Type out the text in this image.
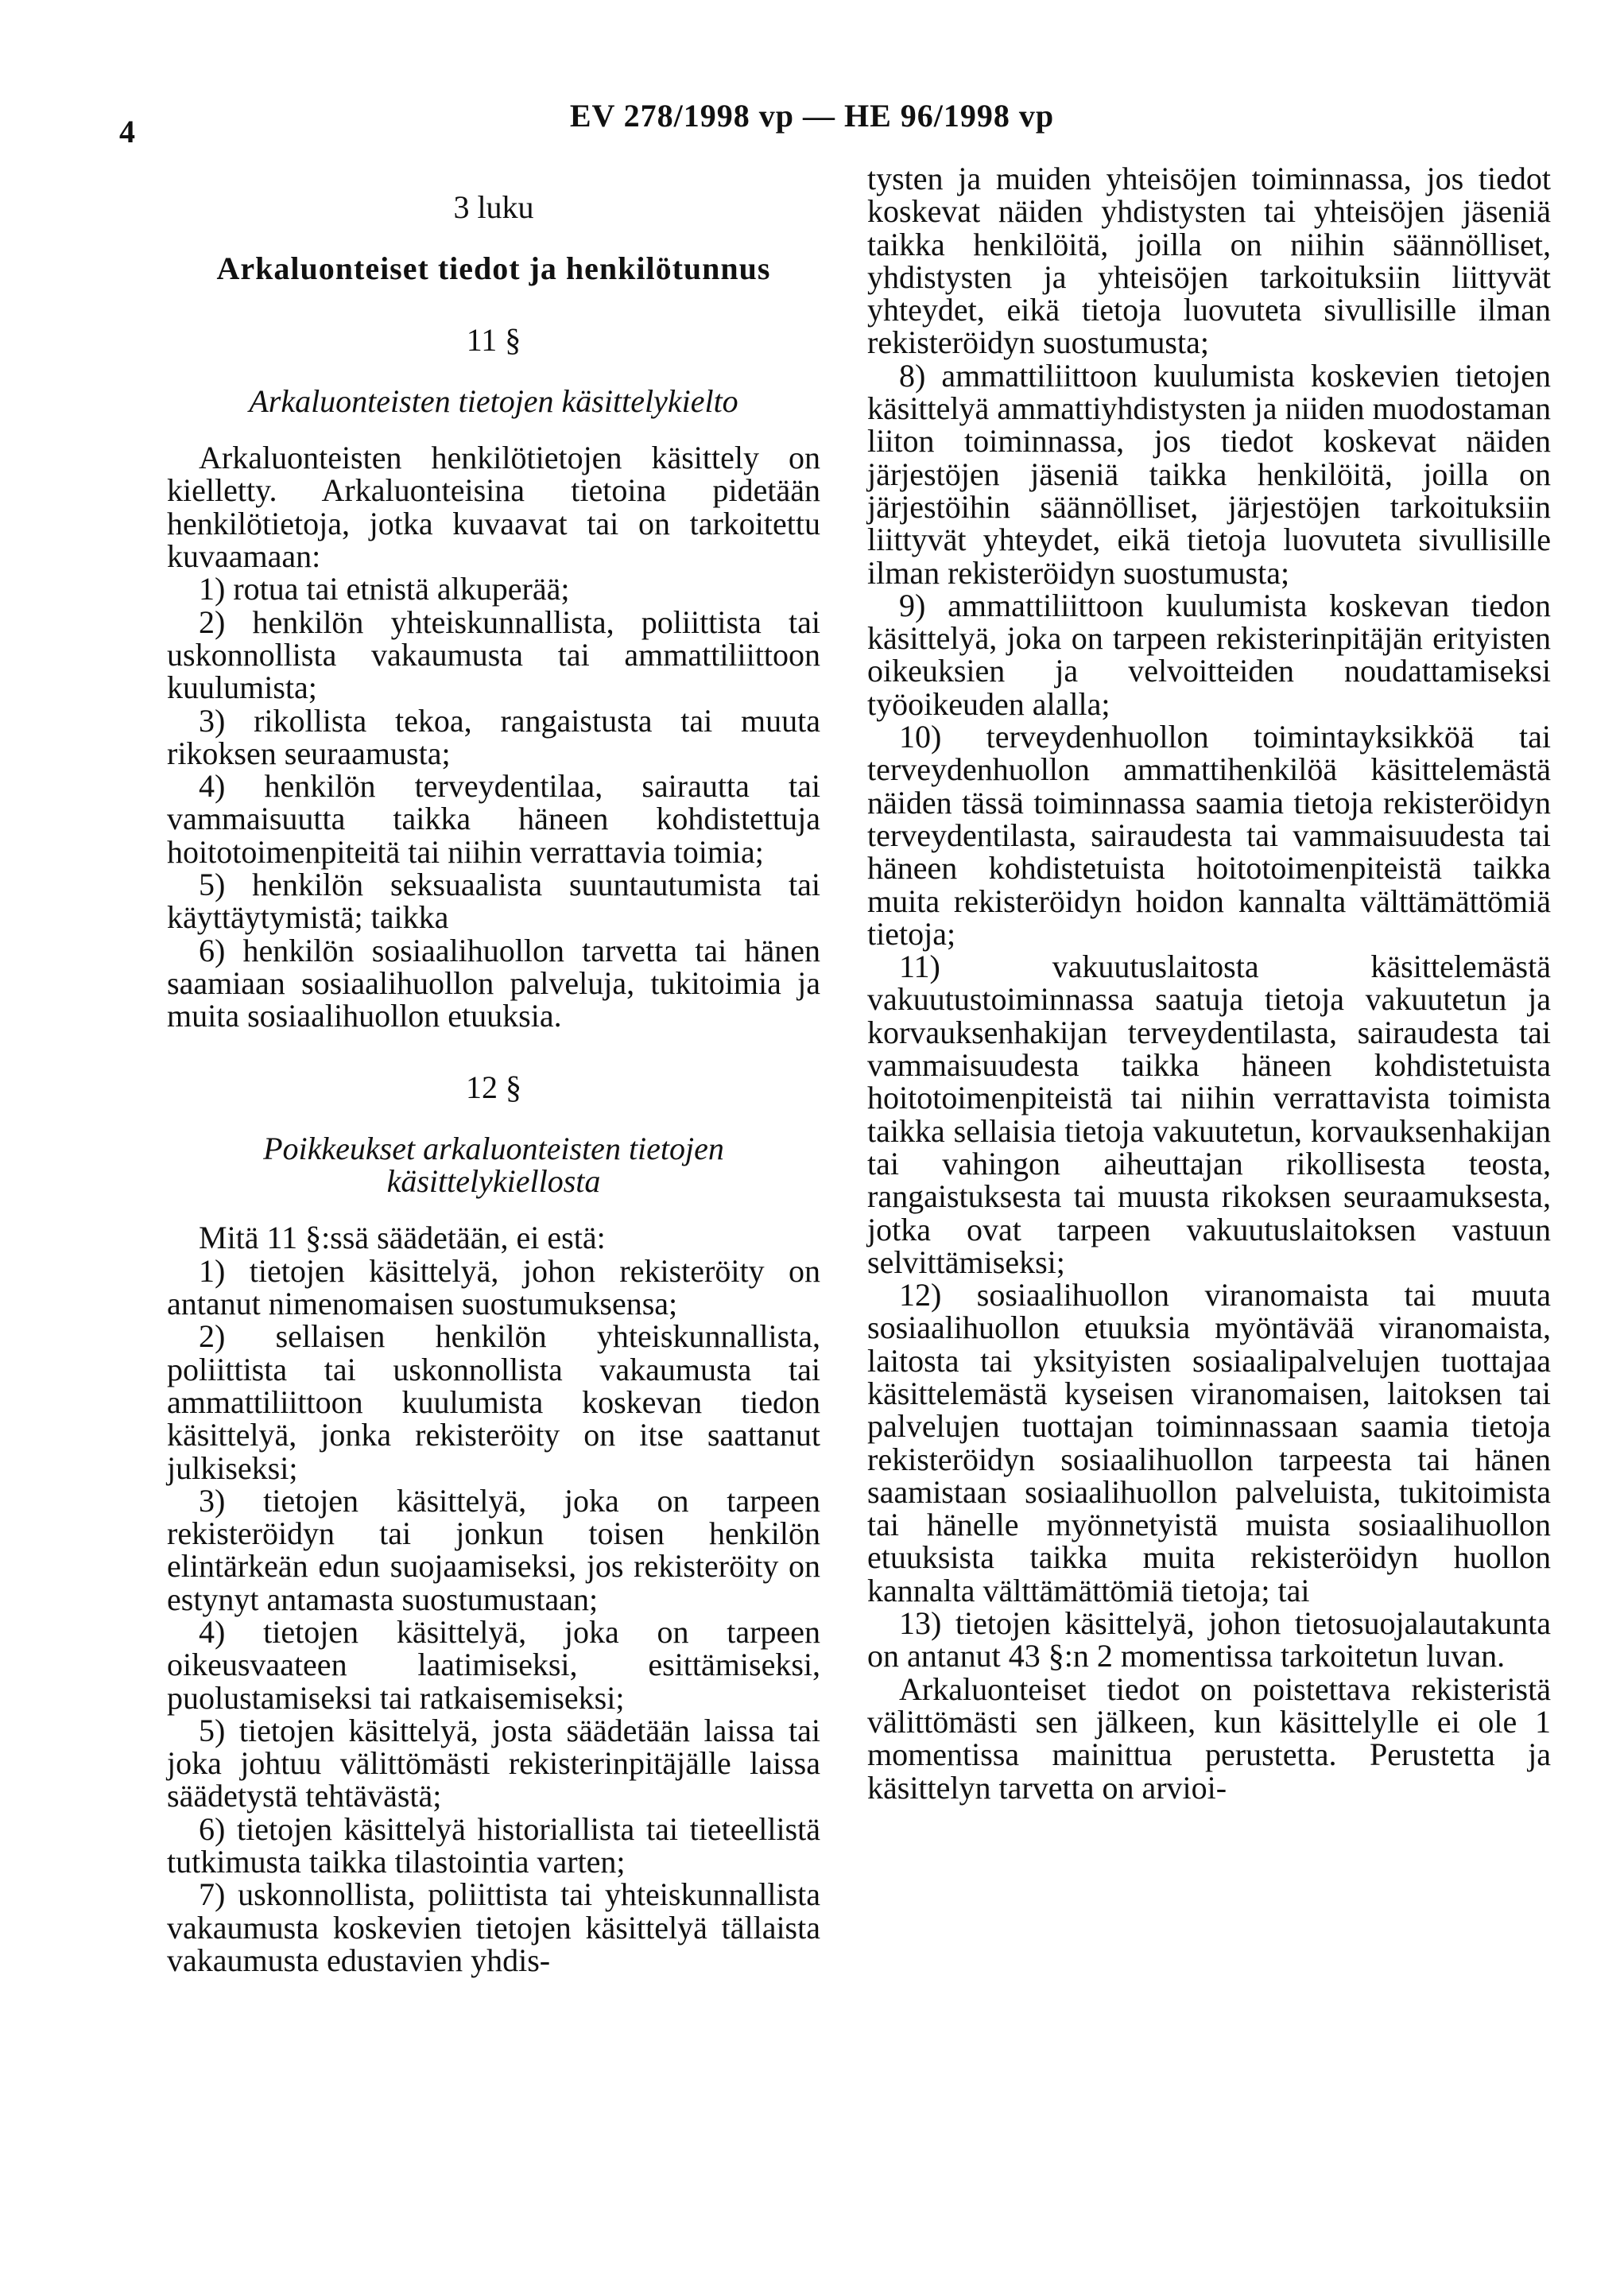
4	EV 278/1998 vp — HE 96/1998 vp
3 luku
Arkaluonteiset tiedot ja henkilötunnus
11 §
Arkaluonteisten tietojen käsittelykielto

Arkaluonteisten henkilötietojen käsittely on kielletty. Arkaluonteisina tietoina pidetään henkilötietoja, jotka kuvaavat tai on tarkoitettu kuvaamaan:

1) rotua tai etnistä alkuperää;

2) henkilön yhteiskunnallista, poliittista tai uskonnollista vakaumusta tai ammattiliittoon kuulumista;

3) rikollista tekoa, rangaistusta tai muuta rikoksen seuraamusta;

4) henkilön terveydentilaa, sairautta tai vammaisuutta taikka häneen kohdistettuja hoitotoimenpiteitä tai niihin verrattavia toimia;

5) henkilön seksuaalista suuntautumista tai käyttäytymistä; taikka

6) henkilön sosiaalihuollon tarvetta tai hänen saamiaan sosiaalihuollon palveluja, tukitoimia ja muita sosiaalihuollon etuuksia.

12 §
Poikkeukset arkaluonteisten tietojen
käsittelykiellosta

Mitä 11 §:ssä säädetään, ei estä:

1) tietojen käsittelyä, johon rekisteröity on antanut nimenomaisen suostumuksensa;

2) sellaisen henkilön yhteiskunnallista, poliittista tai uskonnollista vakaumusta tai ammattiliittoon kuulumista koskevan tiedon käsittelyä, jonka rekisteröity on itse saattanut julkiseksi;

3) tietojen käsittelyä, joka on tarpeen rekisteröidyn tai jonkun toisen henkilön elintärkeän edun suojaamiseksi, jos rekisteröity on estynyt antamasta suostumustaan;

4) tietojen käsittelyä, joka on tarpeen oikeusvaateen laatimiseksi, esittämiseksi, puolustamiseksi tai ratkaisemiseksi;

5) tietojen käsittelyä, josta säädetään laissa tai joka johtuu välittömästi rekisterinpitäjälle laissa säädetystä tehtävästä;

6) tietojen käsittelyä historiallista tai tieteellistä tutkimusta taikka tilastointia varten;

7) uskonnollista, poliittista tai yhteiskunnallista vakaumusta koskevien tietojen käsittelyä tällaista vakaumusta edustavien yhdis-

tysten ja muiden yhteisöjen toiminnassa, jos tiedot koskevat näiden yhdistysten tai yhteisöjen jäseniä taikka henkilöitä, joilla on niihin säännölliset, yhdistysten ja yhteisöjen tarkoituksiin liittyvät yhteydet, eikä tietoja luovuteta sivullisille ilman rekisteröidyn suostumusta;

8) ammattiliittoon kuulumista koskevien tietojen käsittelyä ammattiyhdistysten ja niiden muodostaman liiton toiminnassa, jos tiedot koskevat näiden järjestöjen jäseniä taikka henkilöitä, joilla on järjestöihin säännölliset, järjestöjen tarkoituksiin liittyvät yhteydet, eikä tietoja luovuteta sivullisille ilman rekisteröidyn suostumusta;

9) ammattiliittoon kuulumista koskevan tiedon käsittelyä, joka on tarpeen rekisterinpitäjän erityisten oikeuksien ja velvoitteiden noudattamiseksi työoikeuden alalla;

10) terveydenhuollon toimintayksikköä tai terveydenhuollon ammattihenkilöä käsittelemästä näiden tässä toiminnassa saamia tietoja rekisteröidyn terveydentilasta, sairaudesta tai vammaisuudesta tai häneen kohdistetuista hoitotoimenpiteistä taikka muita rekisteröidyn hoidon kannalta välttämättömiä tietoja;

11) vakuutuslaitosta käsittelemästä vakuutustoiminnassa saatuja tietoja vakuutetun ja korvauksenhakijan terveydentilasta, sairaudesta tai vammaisuudesta taikka häneen kohdistetuista hoitotoimenpiteistä tai niihin verrattavista toimista taikka sellaisia tietoja vakuutetun, korvauksenhakijan tai vahingon aiheuttajan rikollisesta teosta, rangaistuksesta tai muusta rikoksen seuraamuksesta, jotka ovat tarpeen vakuutuslaitoksen vastuun selvittämiseksi;

12) sosiaalihuollon viranomaista tai muuta sosiaalihuollon etuuksia myöntävää viranomaista, laitosta tai yksityisten sosiaalipalvelujen tuottajaa käsittelemästä kyseisen viranomaisen, laitoksen tai palvelujen tuottajan toiminnassaan saamia tietoja rekisteröidyn sosiaalihuollon tarpeesta tai hänen saamistaan sosiaalihuollon palveluista, tukitoimista tai hänelle myönnetyistä muista sosiaalihuollon etuuksista taikka muita rekisteröidyn huollon kannalta välttämättömiä tietoja; tai

13) tietojen käsittelyä, johon tietosuojalautakunta on antanut 43 §:n 2 momentissa tarkoitetun luvan.

Arkaluonteiset tiedot on poistettava rekisteristä välittömästi sen jälkeen, kun käsittelylle ei ole 1 momentissa mainittua perustetta. Perustetta ja käsittelyn tarvetta on arvioi-
